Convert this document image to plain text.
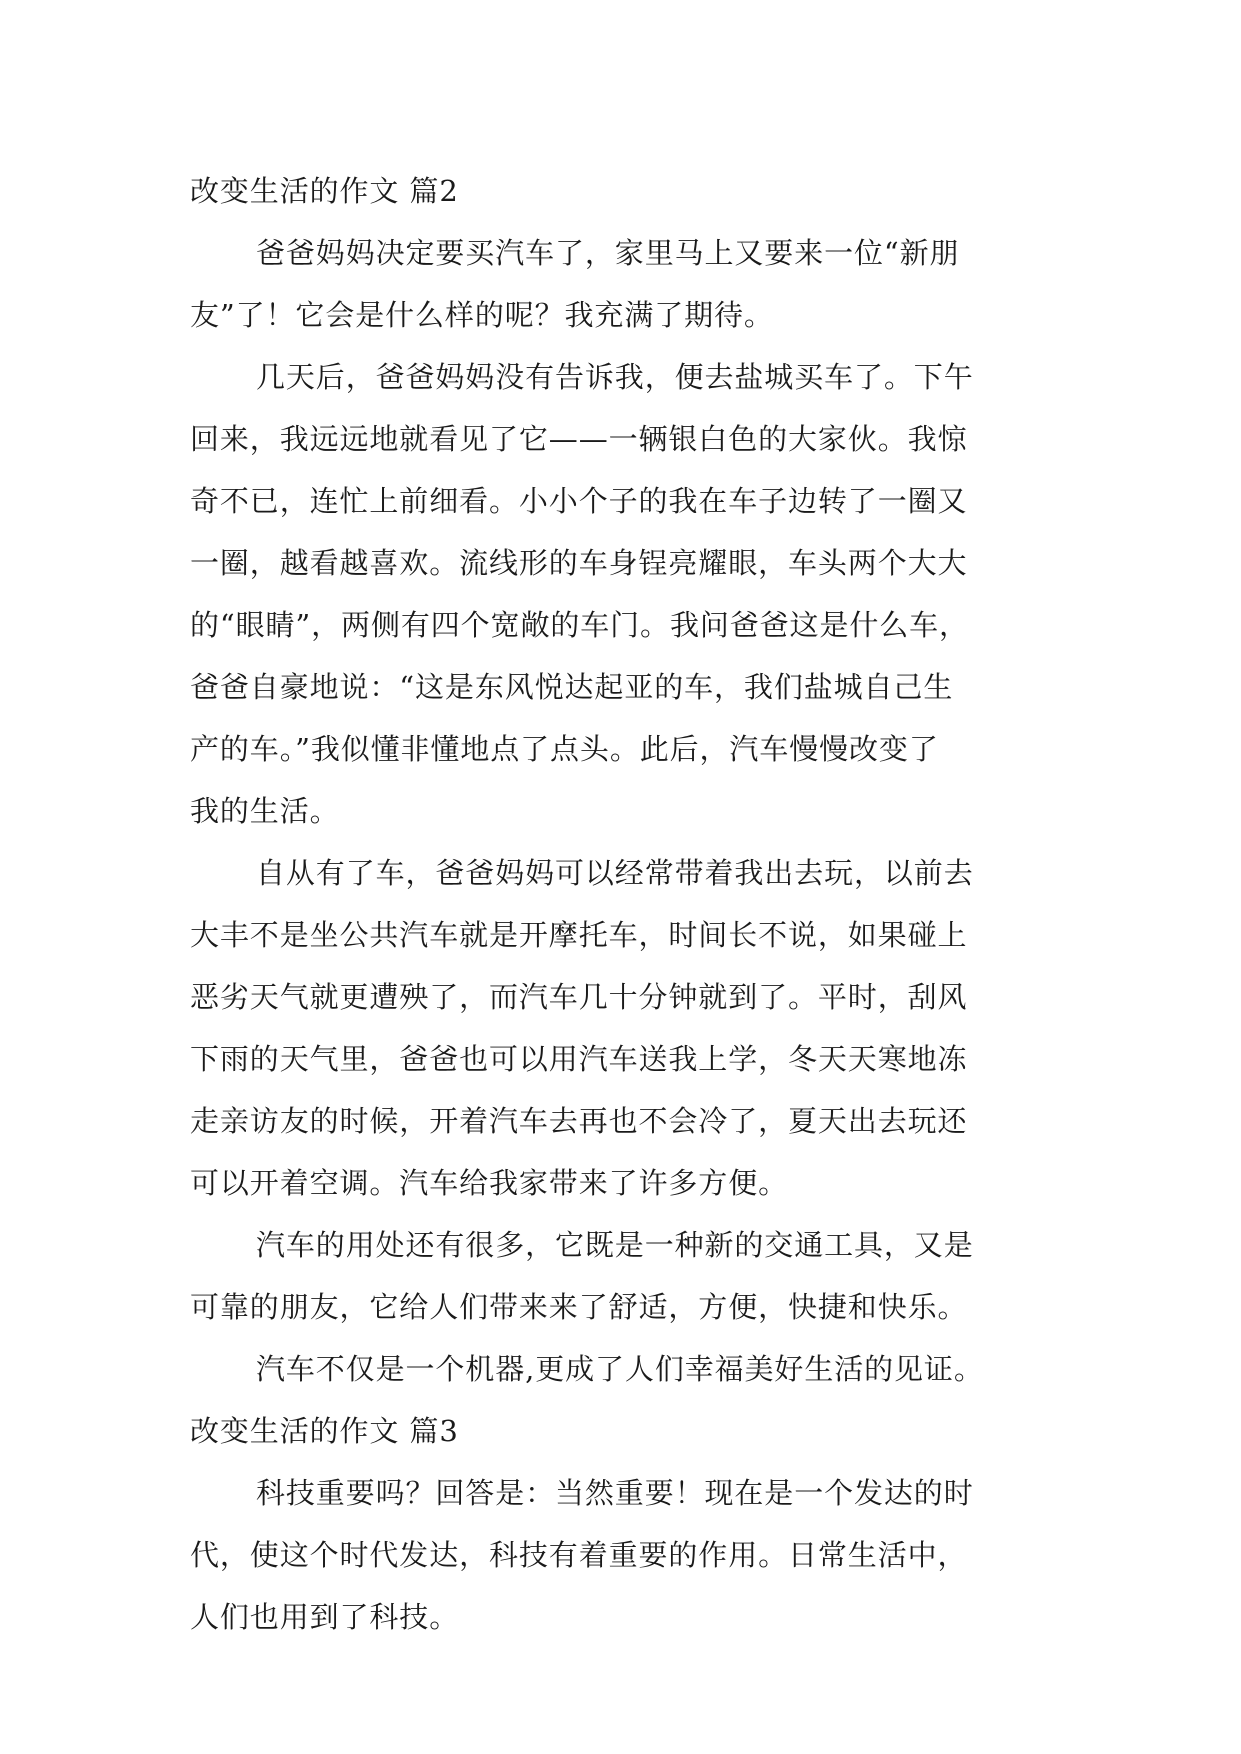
改变生活的作文 篇2
爸爸妈妈决定要买汽车了，家里马上又要来一位“新朋
友”了！它会是什么样的呢？我充满了期待。
几天后，爸爸妈妈没有告诉我，便去盐城买车了。下午
回来，我远远地就看见了它——一辆银白色的大家伙。我惊
奇不已，连忙上前细看。小小个子的我在车子边转了一圈又
一圈，越看越喜欢。流线形的车身锃亮耀眼，车头两个大大
的“眼睛”，两侧有四个宽敞的车门。我问爸爸这是什么车，
爸爸自豪地说：“这是东风悦达起亚的车，我们盐城自己生
产的车。”我似懂非懂地点了点头。此后，汽车慢慢改变了
我的生活。
自从有了车，爸爸妈妈可以经常带着我出去玩，以前去
大丰不是坐公共汽车就是开摩托车，时间长不说，如果碰上
恶劣天气就更遭殃了，而汽车几十分钟就到了。平时，刮风
下雨的天气里，爸爸也可以用汽车送我上学，冬天天寒地冻
走亲访友的时候，开着汽车去再也不会冷了，夏天出去玩还
可以开着空调。汽车给我家带来了许多方便。
汽车的用处还有很多，它既是一种新的交通工具，又是
可靠的朋友，它给人们带来来了舒适，方便，快捷和快乐。
汽车不仅是一个机器,更成了人们幸福美好生活的见证。
改变生活的作文 篇3
科技重要吗？回答是：当然重要！现在是一个发达的时
代，使这个时代发达，科技有着重要的作用。日常生活中，
人们也用到了科技。
